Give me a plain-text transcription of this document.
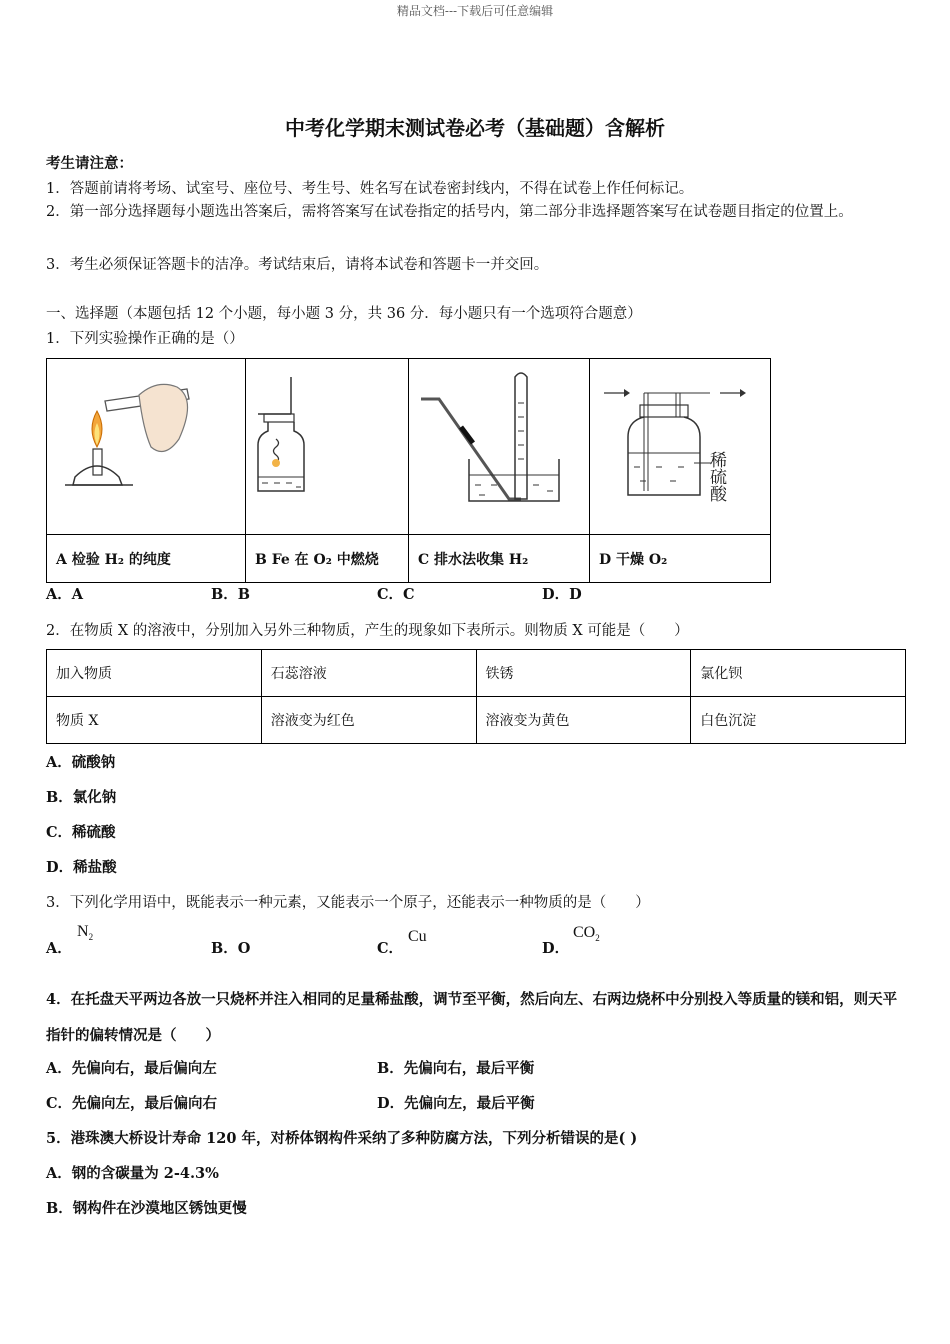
精品文档---下载后可任意编辑
中考化学期末测试卷必考（基础题）含解析
考生请注意：
1．答题前请将考场、试室号、座位号、考生号、姓名写在试卷密封线内，不得在试卷上作任何标记。
2．第一部分选择题每小题选出答案后，需将答案写在试卷指定的括号内，第二部分非选择题答案写在试卷题目指定的位置上。
3．考生必须保证答题卡的洁净。考试结束后，请将本试卷和答题卡一并交回。
一、选择题（本题包括 12 个小题，每小题 3 分，共 36 分．每小题只有一个选项符合题意）
1．下列实验操作正确的是（）

稀硫酸

A 检验 H₂ 的纯度	B Fe 在 O₂ 中燃烧	C 排水法收集 H₂	D 干燥 O₂
A．A	B．B	C．C	D．D
2．在物质 X 的溶液中，分别加入另外三种物质，产生的现象如下表所示。则物质 X 可能是（　　）
加入物质	石蕊溶液	铁锈	氯化钡
物质 X	溶液变为红色	溶液变为黄色	白色沉淀
A．硫酸钠
B．氯化钠
C．稀硫酸
D．稀盐酸
3．下列化学用语中，既能表示一种元素，又能表示一个原子，还能表示一种物质的是（　　）
A．
$N_2$
B．O	C．
Cu
D．
$CO_2$
4．在托盘天平两边各放一只烧杯并注入相同的足量稀盐酸，调节至平衡，然后向左、右两边烧杯中分别投入等质量的镁和铝，则天平指针的偏转情况是（　　）
A．先偏向右，最后偏向左	B．先偏向右，最后平衡
C．先偏向左，最后偏向右	D．先偏向左，最后平衡
5．港珠澳大桥设计寿命 120 年，对桥体钢构件采纳了多种防腐方法，下列分析错误的是( )
A．钢的含碳量为 2-4.3%
B．钢构件在沙漠地区锈蚀更慢
